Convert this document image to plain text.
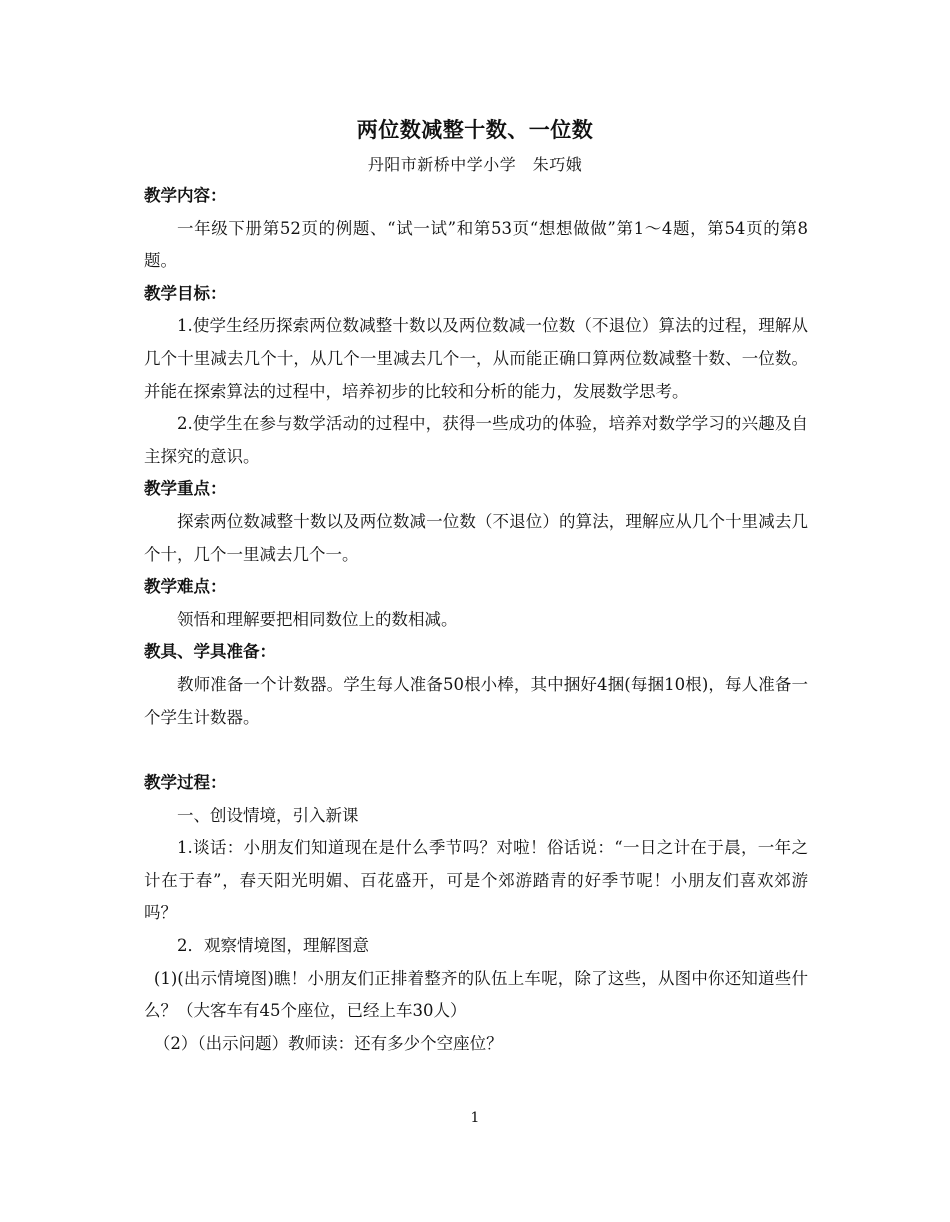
两位数减整十数、一位数
丹阳市新桥中学小学　朱巧娥

教学内容：

一年级下册第52页的例题、“试一试”和第53页“想想做做”第1～4题，第54页的第8题。

教学目标：

1.使学生经历探索两位数减整十数以及两位数减一位数（不退位）算法的过程，理解从几个十里减去几个十，从几个一里减去几个一，从而能正确口算两位数减整十数、一位数。并能在探索算法的过程中，培养初步的比较和分析的能力，发展数学思考。

2.使学生在参与数学活动的过程中，获得一些成功的体验，培养对数学学习的兴趣及自主探究的意识。

教学重点：

探索两位数减整十数以及两位数减一位数（不退位）的算法，理解应从几个十里减去几个十，几个一里减去几个一。

教学难点：

领悟和理解要把相同数位上的数相减。

教具、学具准备：

教师准备一个计数器。学生每人准备50根小棒，其中捆好4捆(每捆10根)，每人准备一个学生计数器。

教学过程：

一、创设情境，引入新课

1.谈话：小朋友们知道现在是什么季节吗？对啦！俗话说：“一日之计在于晨，一年之计在于春”，春天阳光明媚、百花盛开，可是个郊游踏青的好季节呢！小朋友们喜欢郊游吗？

2．观察情境图，理解图意

(1)(出示情境图)瞧！小朋友们正排着整齐的队伍上车呢，除了这些，从图中你还知道些什么？（大客车有45个座位，已经上车30人）

（2）（出示问题）教师读：还有多少个空座位？

1
